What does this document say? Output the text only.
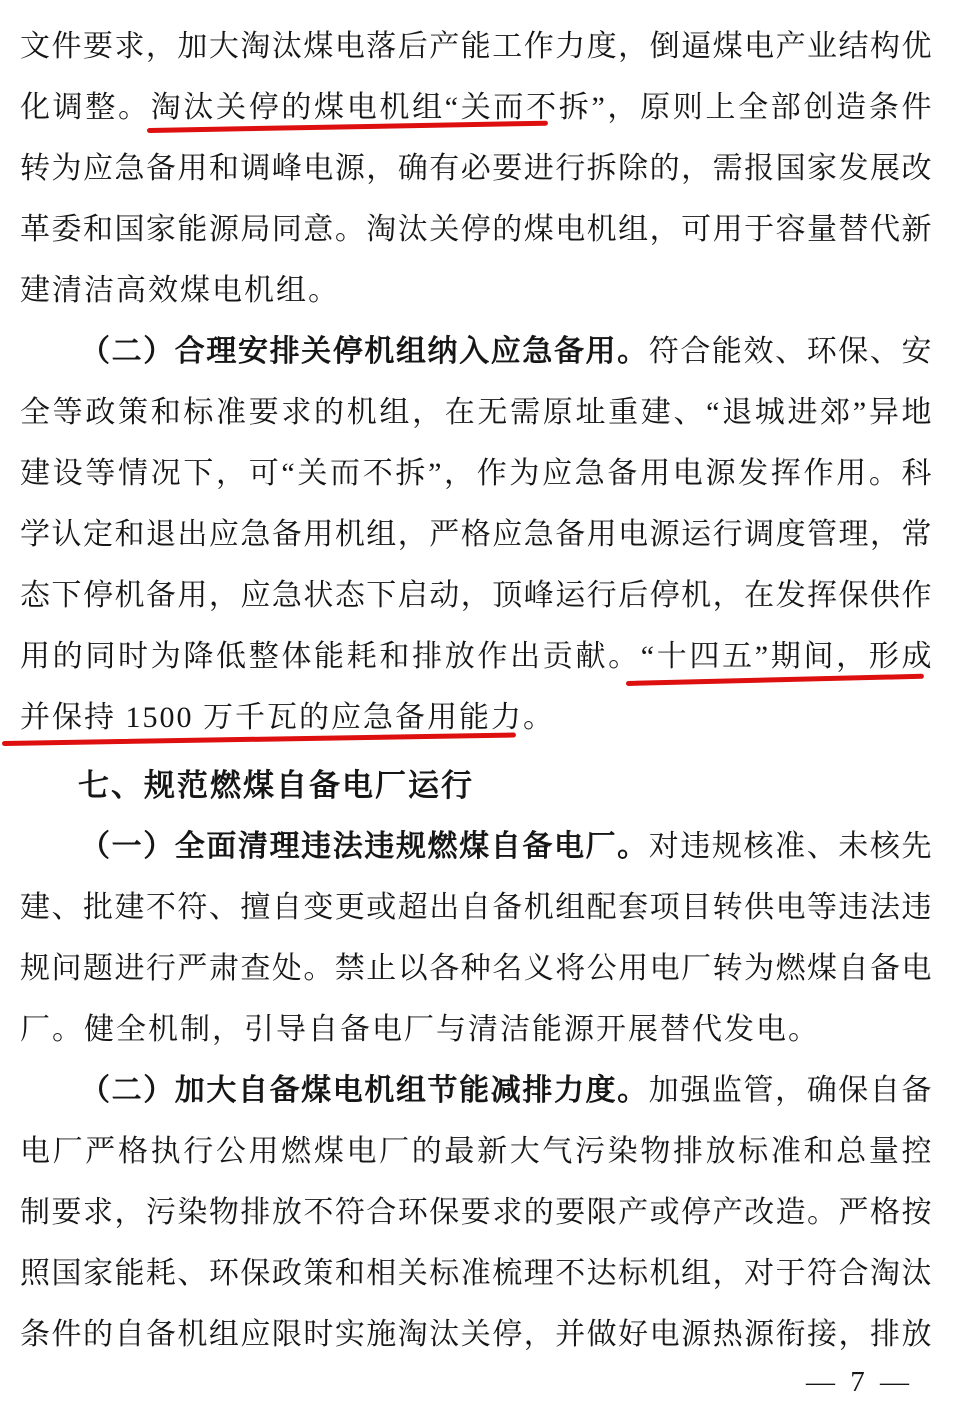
文件要求，加大淘汰煤电落后产能工作力度，倒逼煤电产业结构优
化调整。淘汰关停的煤电机组“关而不拆”，原则上全部创造条件
转为应急备用和调峰电源，确有必要进行拆除的，需报国家发展改
革委和国家能源局同意。淘汰关停的煤电机组，可用于容量替代新
建清洁高效煤电机组。
（二）合理安排关停机组纳入应急备用。符合能效、环保、安
全等政策和标准要求的机组，在无需原址重建、“退城进郊”异地
建设等情况下，可“关而不拆”，作为应急备用电源发挥作用。科
学认定和退出应急备用机组，严格应急备用电源运行调度管理，常
态下停机备用，应急状态下启动，顶峰运行后停机，在发挥保供作
用的同时为降低整体能耗和排放作出贡献。“十四五”期间，形成
并保持 1500 万千瓦的应急备用能力。
七、规范燃煤自备电厂运行
（一）全面清理违法违规燃煤自备电厂。对违规核准、未核先
建、批建不符、擅自变更或超出自备机组配套项目转供电等违法违
规问题进行严肃查处。禁止以各种名义将公用电厂转为燃煤自备电
厂。健全机制，引导自备电厂与清洁能源开展替代发电。
（二）加大自备煤电机组节能减排力度。加强监管，确保自备
电厂严格执行公用燃煤电厂的最新大气污染物排放标准和总量控
制要求，污染物排放不符合环保要求的要限产或停产改造。严格按
照国家能耗、环保政策和相关标准梳理不达标机组，对于符合淘汰
条件的自备机组应限时实施淘汰关停，并做好电源热源衔接，排放
— 7 —
